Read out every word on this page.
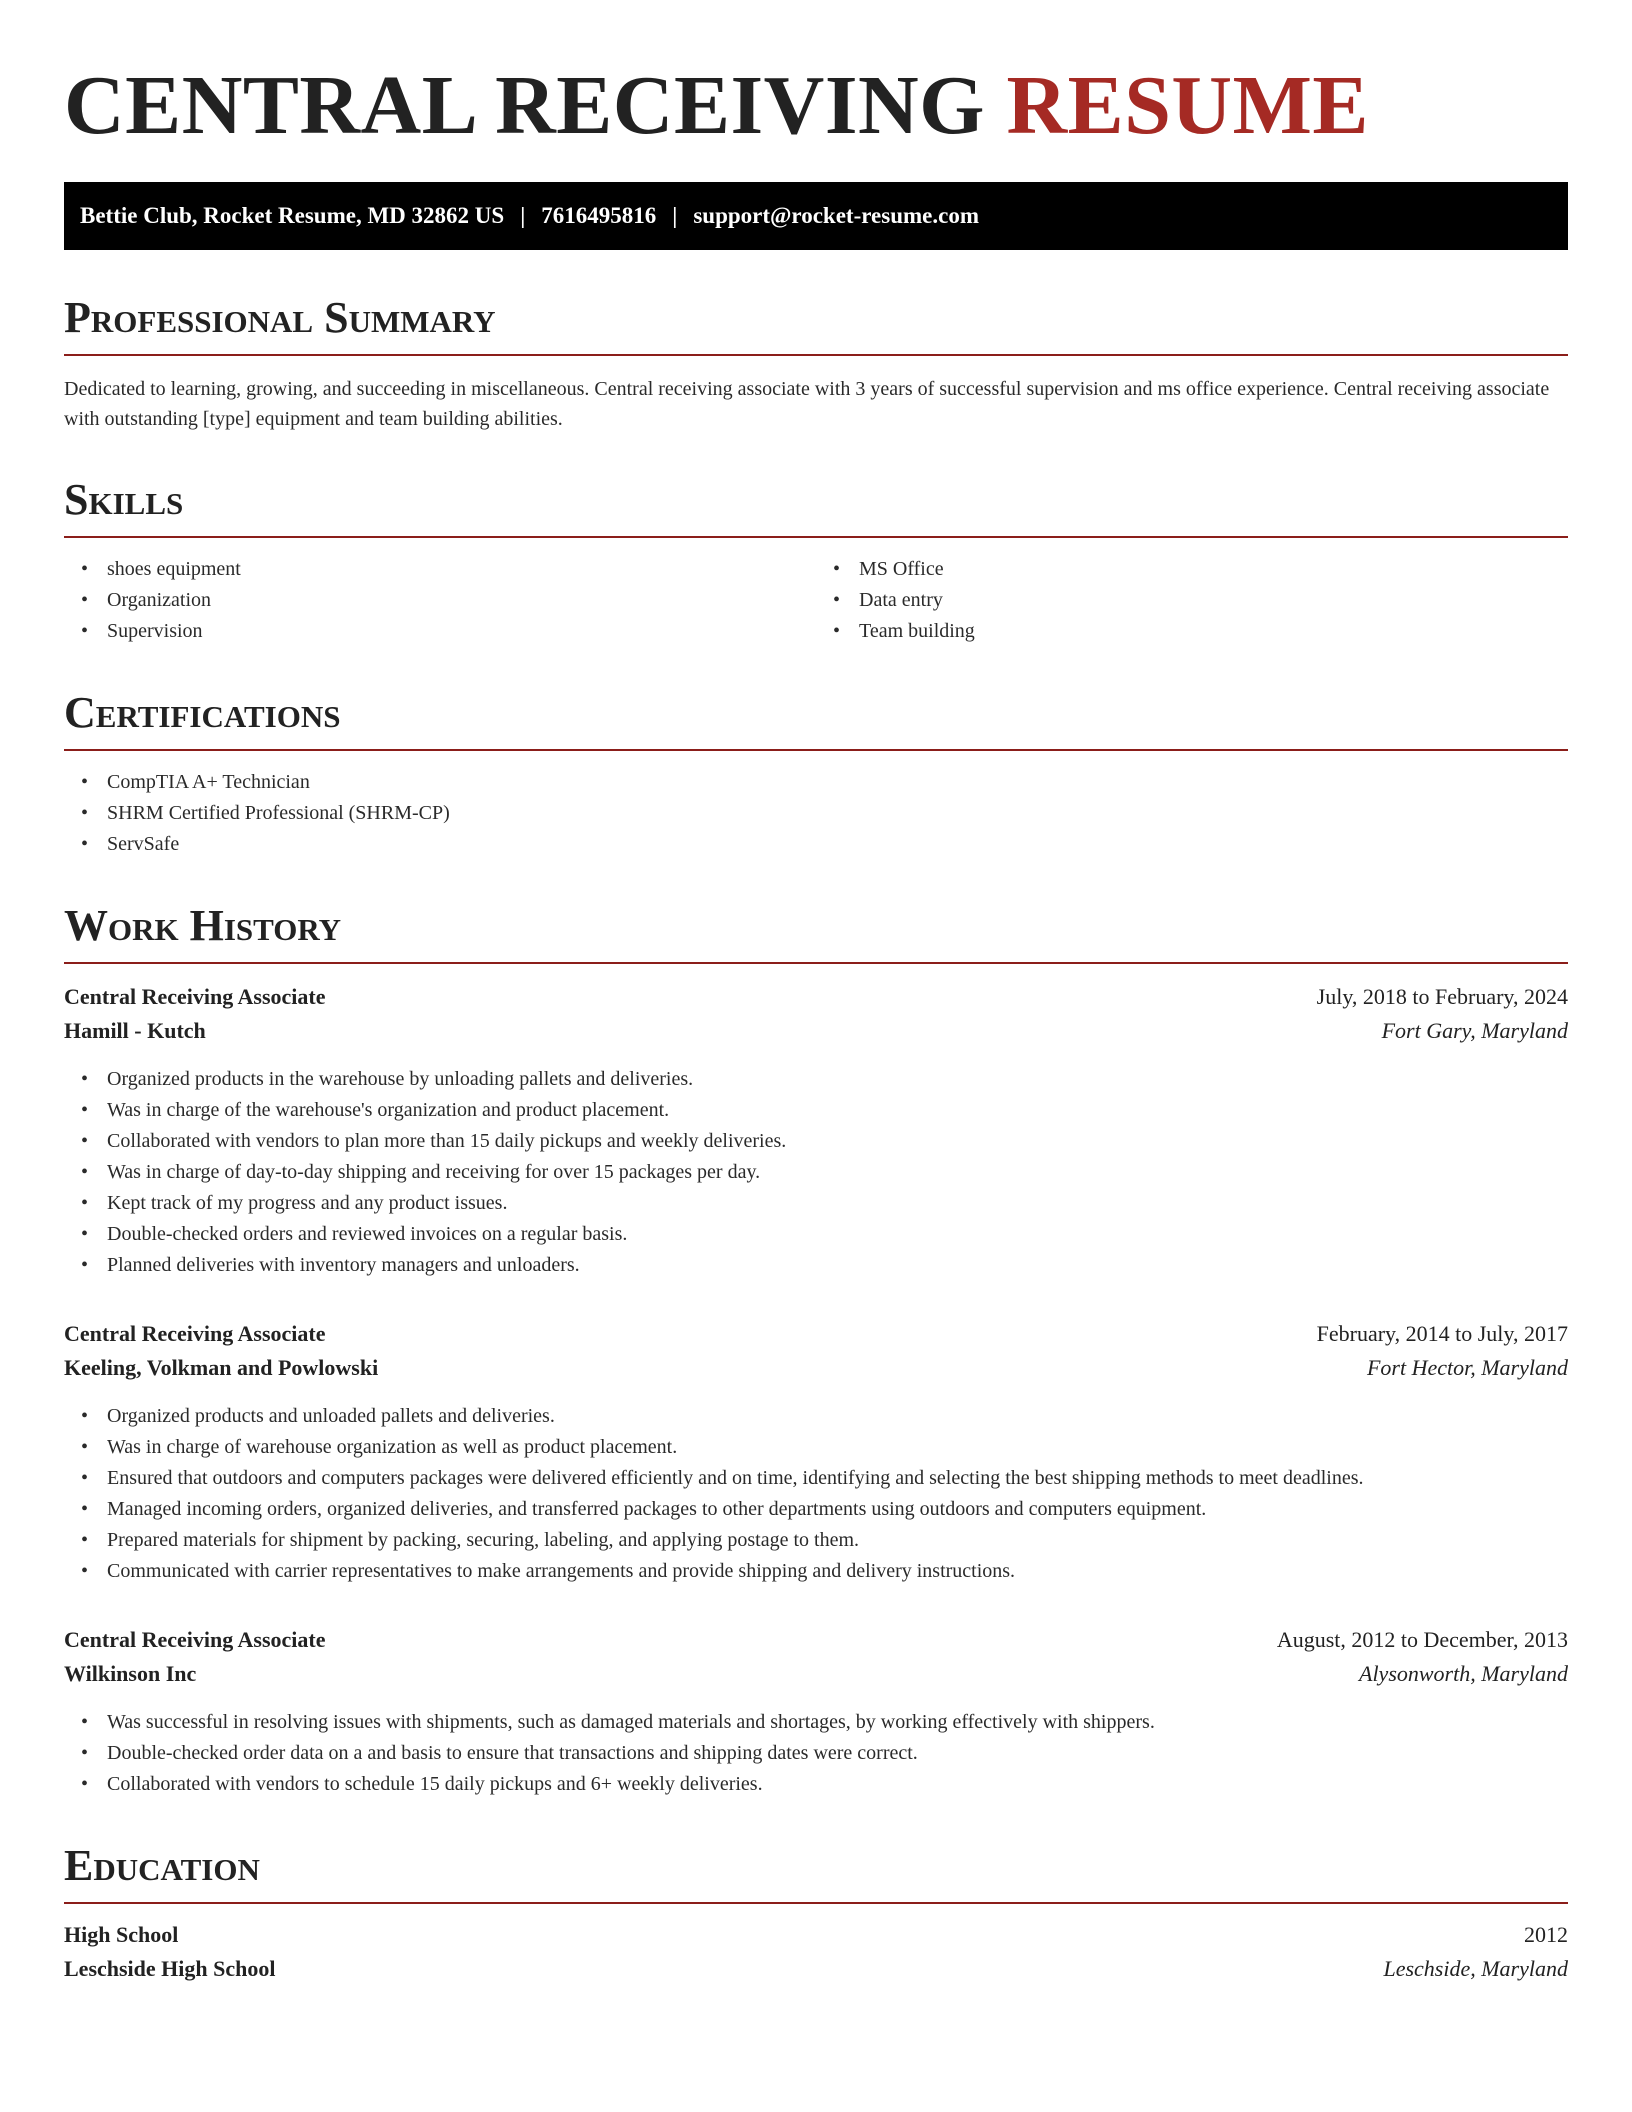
CENTRAL RECEIVING RESUME
Bettie Club, Rocket Resume, MD 32862 US | 7616495816 | support@rocket-resume.com
Professional Summary

Dedicated to learning, growing, and succeeding in miscellaneous. Central receiving associate with 3 years of successful supervision and ms office experience. Central receiving associate with outstanding [type] equipment and team building abilities.

Skills
• shoes equipment
• Organization
• Supervision
• MS Office
• Data entry
• Team building
Certifications
• CompTIA A+ Technician
• SHRM Certified Professional (SHRM-CP)
• ServSafe
Work History
Central Receiving Associate	July, 2018 to February, 2024
Hamill - Kutch	Fort Gary, Maryland
• Organized products in the warehouse by unloading pallets and deliveries.
• Was in charge of the warehouse's organization and product placement.
• Collaborated with vendors to plan more than 15 daily pickups and weekly deliveries.
• Was in charge of day-to-day shipping and receiving for over 15 packages per day.
• Kept track of my progress and any product issues.
• Double-checked orders and reviewed invoices on a regular basis.
• Planned deliveries with inventory managers and unloaders.
Central Receiving Associate	February, 2014 to July, 2017
Keeling, Volkman and Powlowski	Fort Hector, Maryland
• Organized products and unloaded pallets and deliveries.
• Was in charge of warehouse organization as well as product placement.
• Ensured that outdoors and computers packages were delivered efficiently and on time, identifying and selecting the best shipping methods to meet deadlines.
• Managed incoming orders, organized deliveries, and transferred packages to other departments using outdoors and computers equipment.
• Prepared materials for shipment by packing, securing, labeling, and applying postage to them.
• Communicated with carrier representatives to make arrangements and provide shipping and delivery instructions.
Central Receiving Associate	August, 2012 to December, 2013
Wilkinson Inc	Alysonworth, Maryland
• Was successful in resolving issues with shipments, such as damaged materials and shortages, by working effectively with shippers.
• Double-checked order data on a and basis to ensure that transactions and shipping dates were correct.
• Collaborated with vendors to schedule 15 daily pickups and 6+ weekly deliveries.
Education
High School	2012
Leschside High School	Leschside, Maryland
